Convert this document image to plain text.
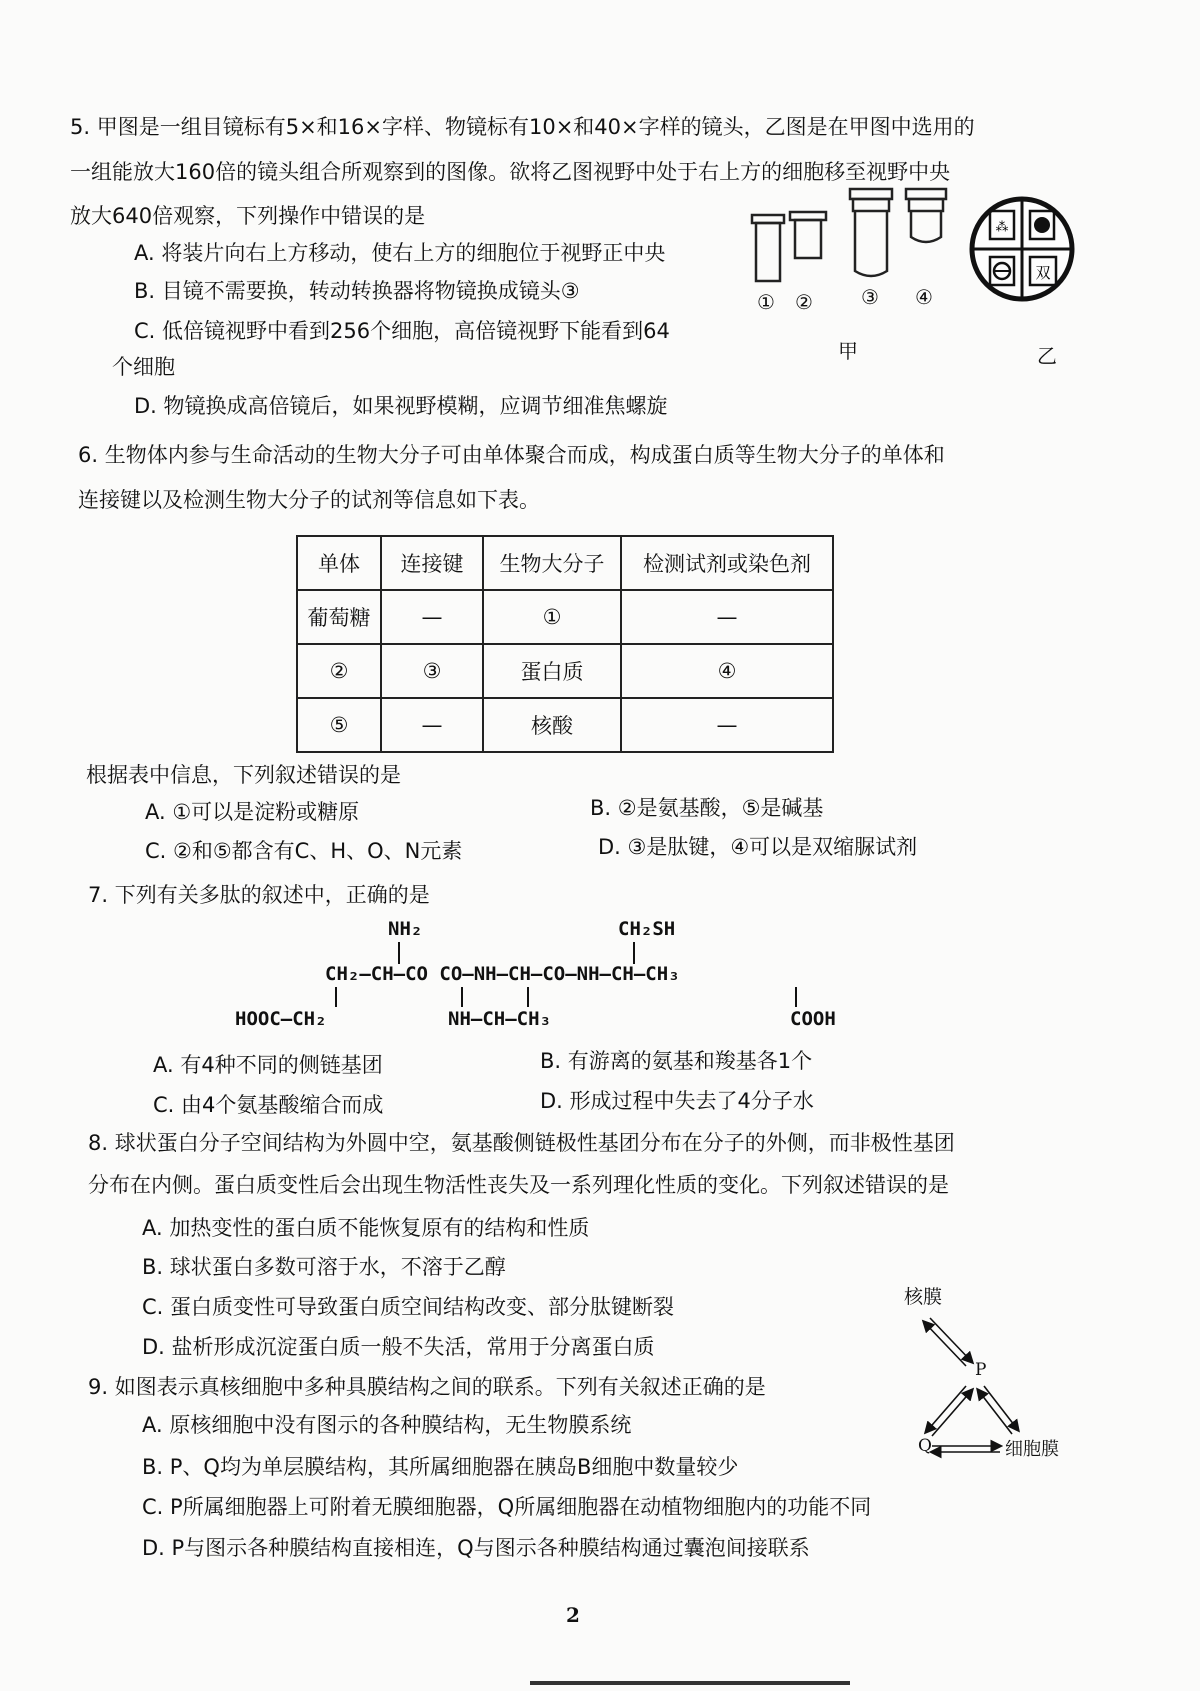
5. 甲图是一组目镜标有5×和16×字样、物镜标有10×和40×字样的镜头，乙图是在甲图中选用的
一组能放大160倍的镜头组合所观察到的图像。欲将乙图视野中处于右上方的细胞移至视野中央
放大640倍观察，下列操作中错误的是
A. 将装片向右上方移动，使右上方的细胞位于视野正中央
B. 目镜不需要换，转动转换器将物镜换成镜头③
C. 低倍镜视野中看到256个细胞，高倍镜视野下能看到64
个细胞
D. 物镜换成高倍镜后，如果视野模糊，应调节细准焦螺旋
① ② ③ ④
甲
⁂
双
乙
6. 生物体内参与生命活动的生物大分子可由单体聚合而成，构成蛋白质等生物大分子的单体和
连接键以及检测生物大分子的试剂等信息如下表。
单体	连接键	生物大分子	检测试剂或染色剂
葡萄糖	—	①	—
②	③	蛋白质	④
⑤	—	核酸	—
根据表中信息，下列叙述错误的是
A. ①可以是淀粉或糖原	B. ②是氨基酸，⑤是碱基
C. ②和⑤都含有C、H、O、N元素	D. ③是肽键，④可以是双缩脲试剂
7. 下列有关多肽的叙述中，正确的是
NH₂	CH₂SH
CH₂—CH—CO CO—NH—CH—CO—NH—CH—CH₃
HOOC—CH₂	NH—CH—CH₃	COOH
A. 有4种不同的侧链基团	B. 有游离的氨基和羧基各1个
C. 由4个氨基酸缩合而成	D. 形成过程中失去了4分子水
8. 球状蛋白分子空间结构为外圆中空，氨基酸侧链极性基团分布在分子的外侧，而非极性基团
分布在内侧。蛋白质变性后会出现生物活性丧失及一系列理化性质的变化。下列叙述错误的是
A. 加热变性的蛋白质不能恢复原有的结构和性质
B. 球状蛋白多数可溶于水，不溶于乙醇
C. 蛋白质变性可导致蛋白质空间结构改变、部分肽键断裂
D. 盐析形成沉淀蛋白质一般不失活，常用于分离蛋白质
9. 如图表示真核细胞中多种具膜结构之间的联系。下列有关叙述正确的是
A. 原核细胞中没有图示的各种膜结构，无生物膜系统
B. P、Q均为单层膜结构，其所属细胞器在胰岛B细胞中数量较少
C. P所属细胞器上可附着无膜细胞器，Q所属细胞器在动植物细胞内的功能不同
D. P与图示各种膜结构直接相连，Q与图示各种膜结构通过囊泡间接联系
核膜
P
Q	细胞膜
2
